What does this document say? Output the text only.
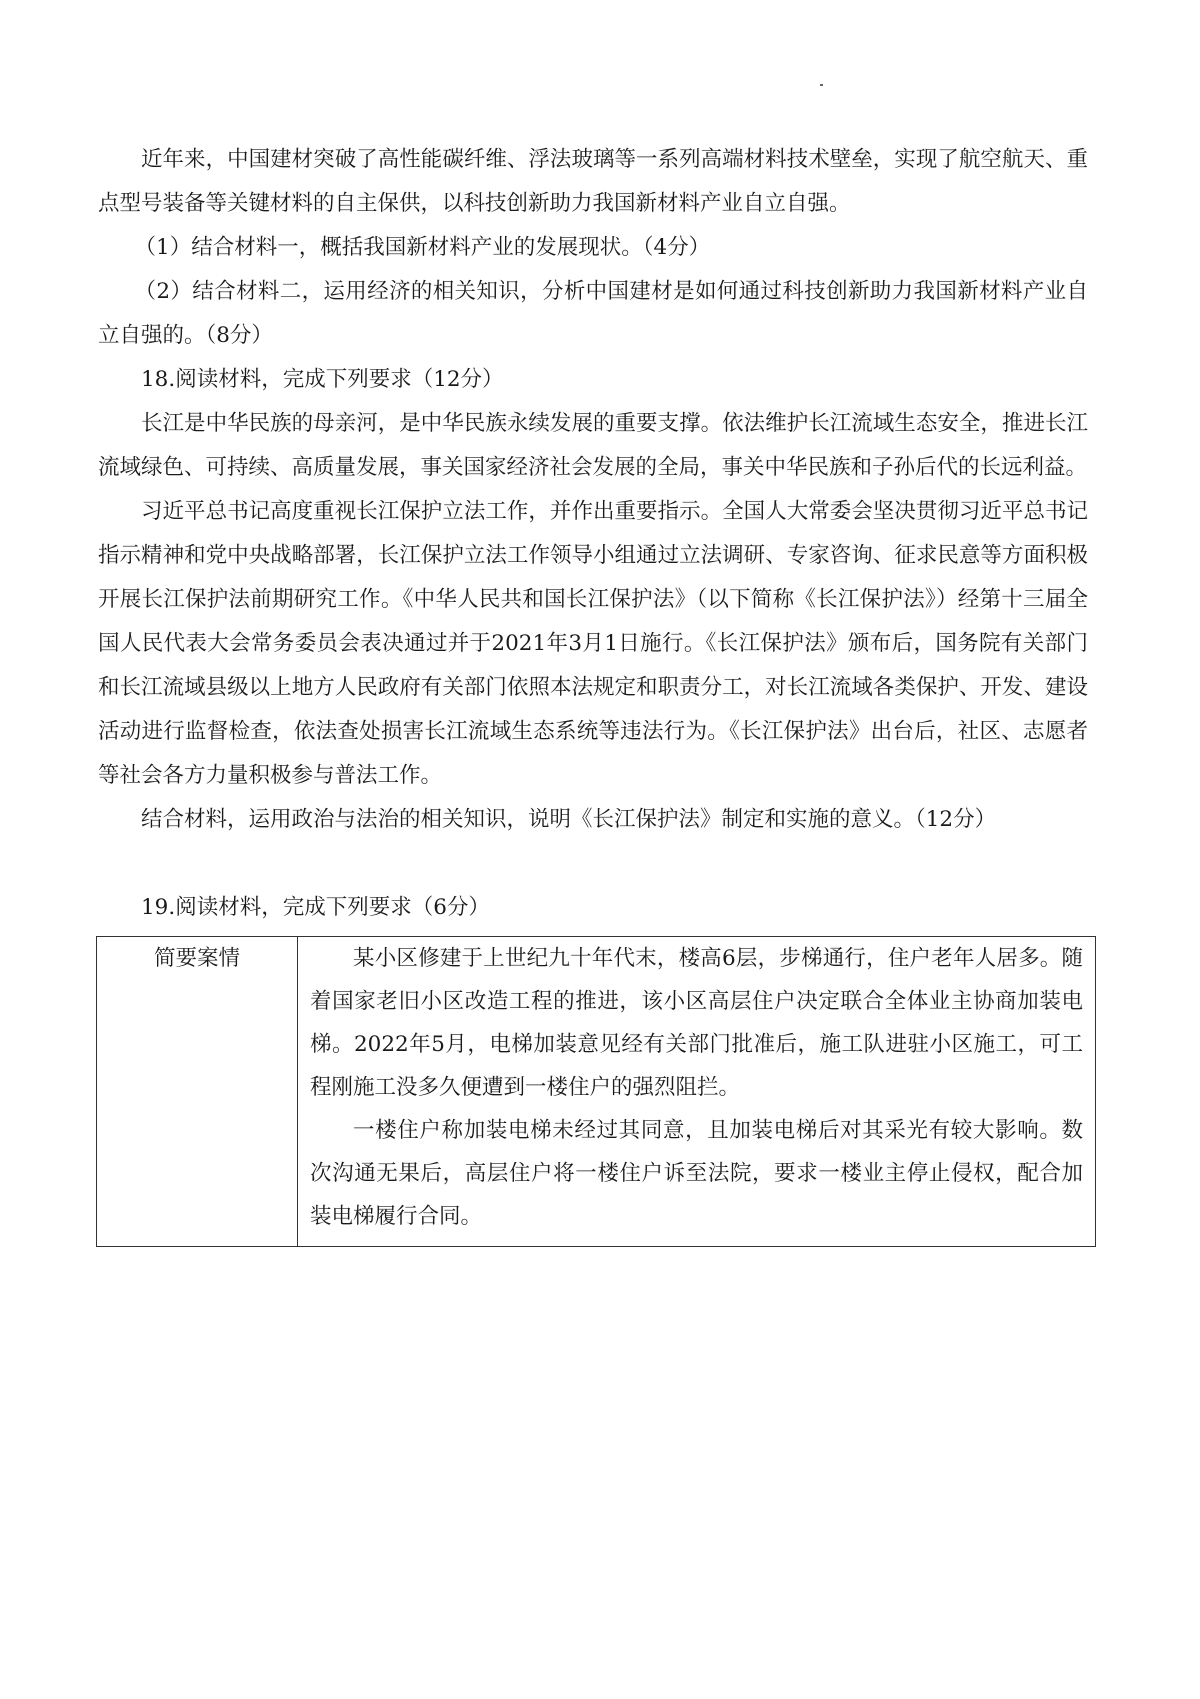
近年来，中国建材突破了高性能碳纤维、浮法玻璃等一系列高端材料技术壁垒，实现了航空航天、重点型号装备等关键材料的自主保供，以科技创新助力我国新材料产业自立自强。

（1）结合材料一，概括我国新材料产业的发展现状。（4分）

（2）结合材料二，运用经济的相关知识，分析中国建材是如何通过科技创新助力我国新材料产业自立自强的。（8分）

18.阅读材料，完成下列要求（12分）

长江是中华民族的母亲河，是中华民族永续发展的重要支撑。依法维护长江流域生态安全，推进长江流域绿色、可持续、高质量发展，事关国家经济社会发展的全局，事关中华民族和子孙后代的长远利益。

习近平总书记高度重视长江保护立法工作，并作出重要指示。全国人大常委会坚决贯彻习近平总书记指示精神和党中央战略部署，长江保护立法工作领导小组通过立法调研、专家咨询、征求民意等方面积极开展长江保护法前期研究工作。《中华人民共和国长江保护法》（以下简称《长江保护法》）经第十三届全国人民代表大会常务委员会表决通过并于2021年3月1日施行。《长江保护法》颁布后，国务院有关部门和长江流域县级以上地方人民政府有关部门依照本法规定和职责分工，对长江流域各类保护、开发、建设活动进行监督检查，依法查处损害长江流域生态系统等违法行为。《长江保护法》出台后，社区、志愿者等社会各方力量积极参与普法工作。

结合材料，运用政治与法治的相关知识，说明《长江保护法》制定和实施的意义。（12分）

19.阅读材料，完成下列要求（6分）

简要案情	某小区修建于上世纪九十年代末，楼高6层，步梯通行，住户老年人居多。随着国家老旧小区改造工程的推进，该小区高层住户决定联合全体业主协商加装电梯。2022年5月，电梯加装意见经有关部门批准后，施工队进驻小区施工，可工程刚施工没多久便遭到一楼住户的强烈阻拦。

一楼住户称加装电梯未经过其同意，且加装电梯后对其采光有较大影响。数次沟通无果后，高层住户将一楼住户诉至法院，要求一楼业主停止侵权，配合加装电梯履行合同。
